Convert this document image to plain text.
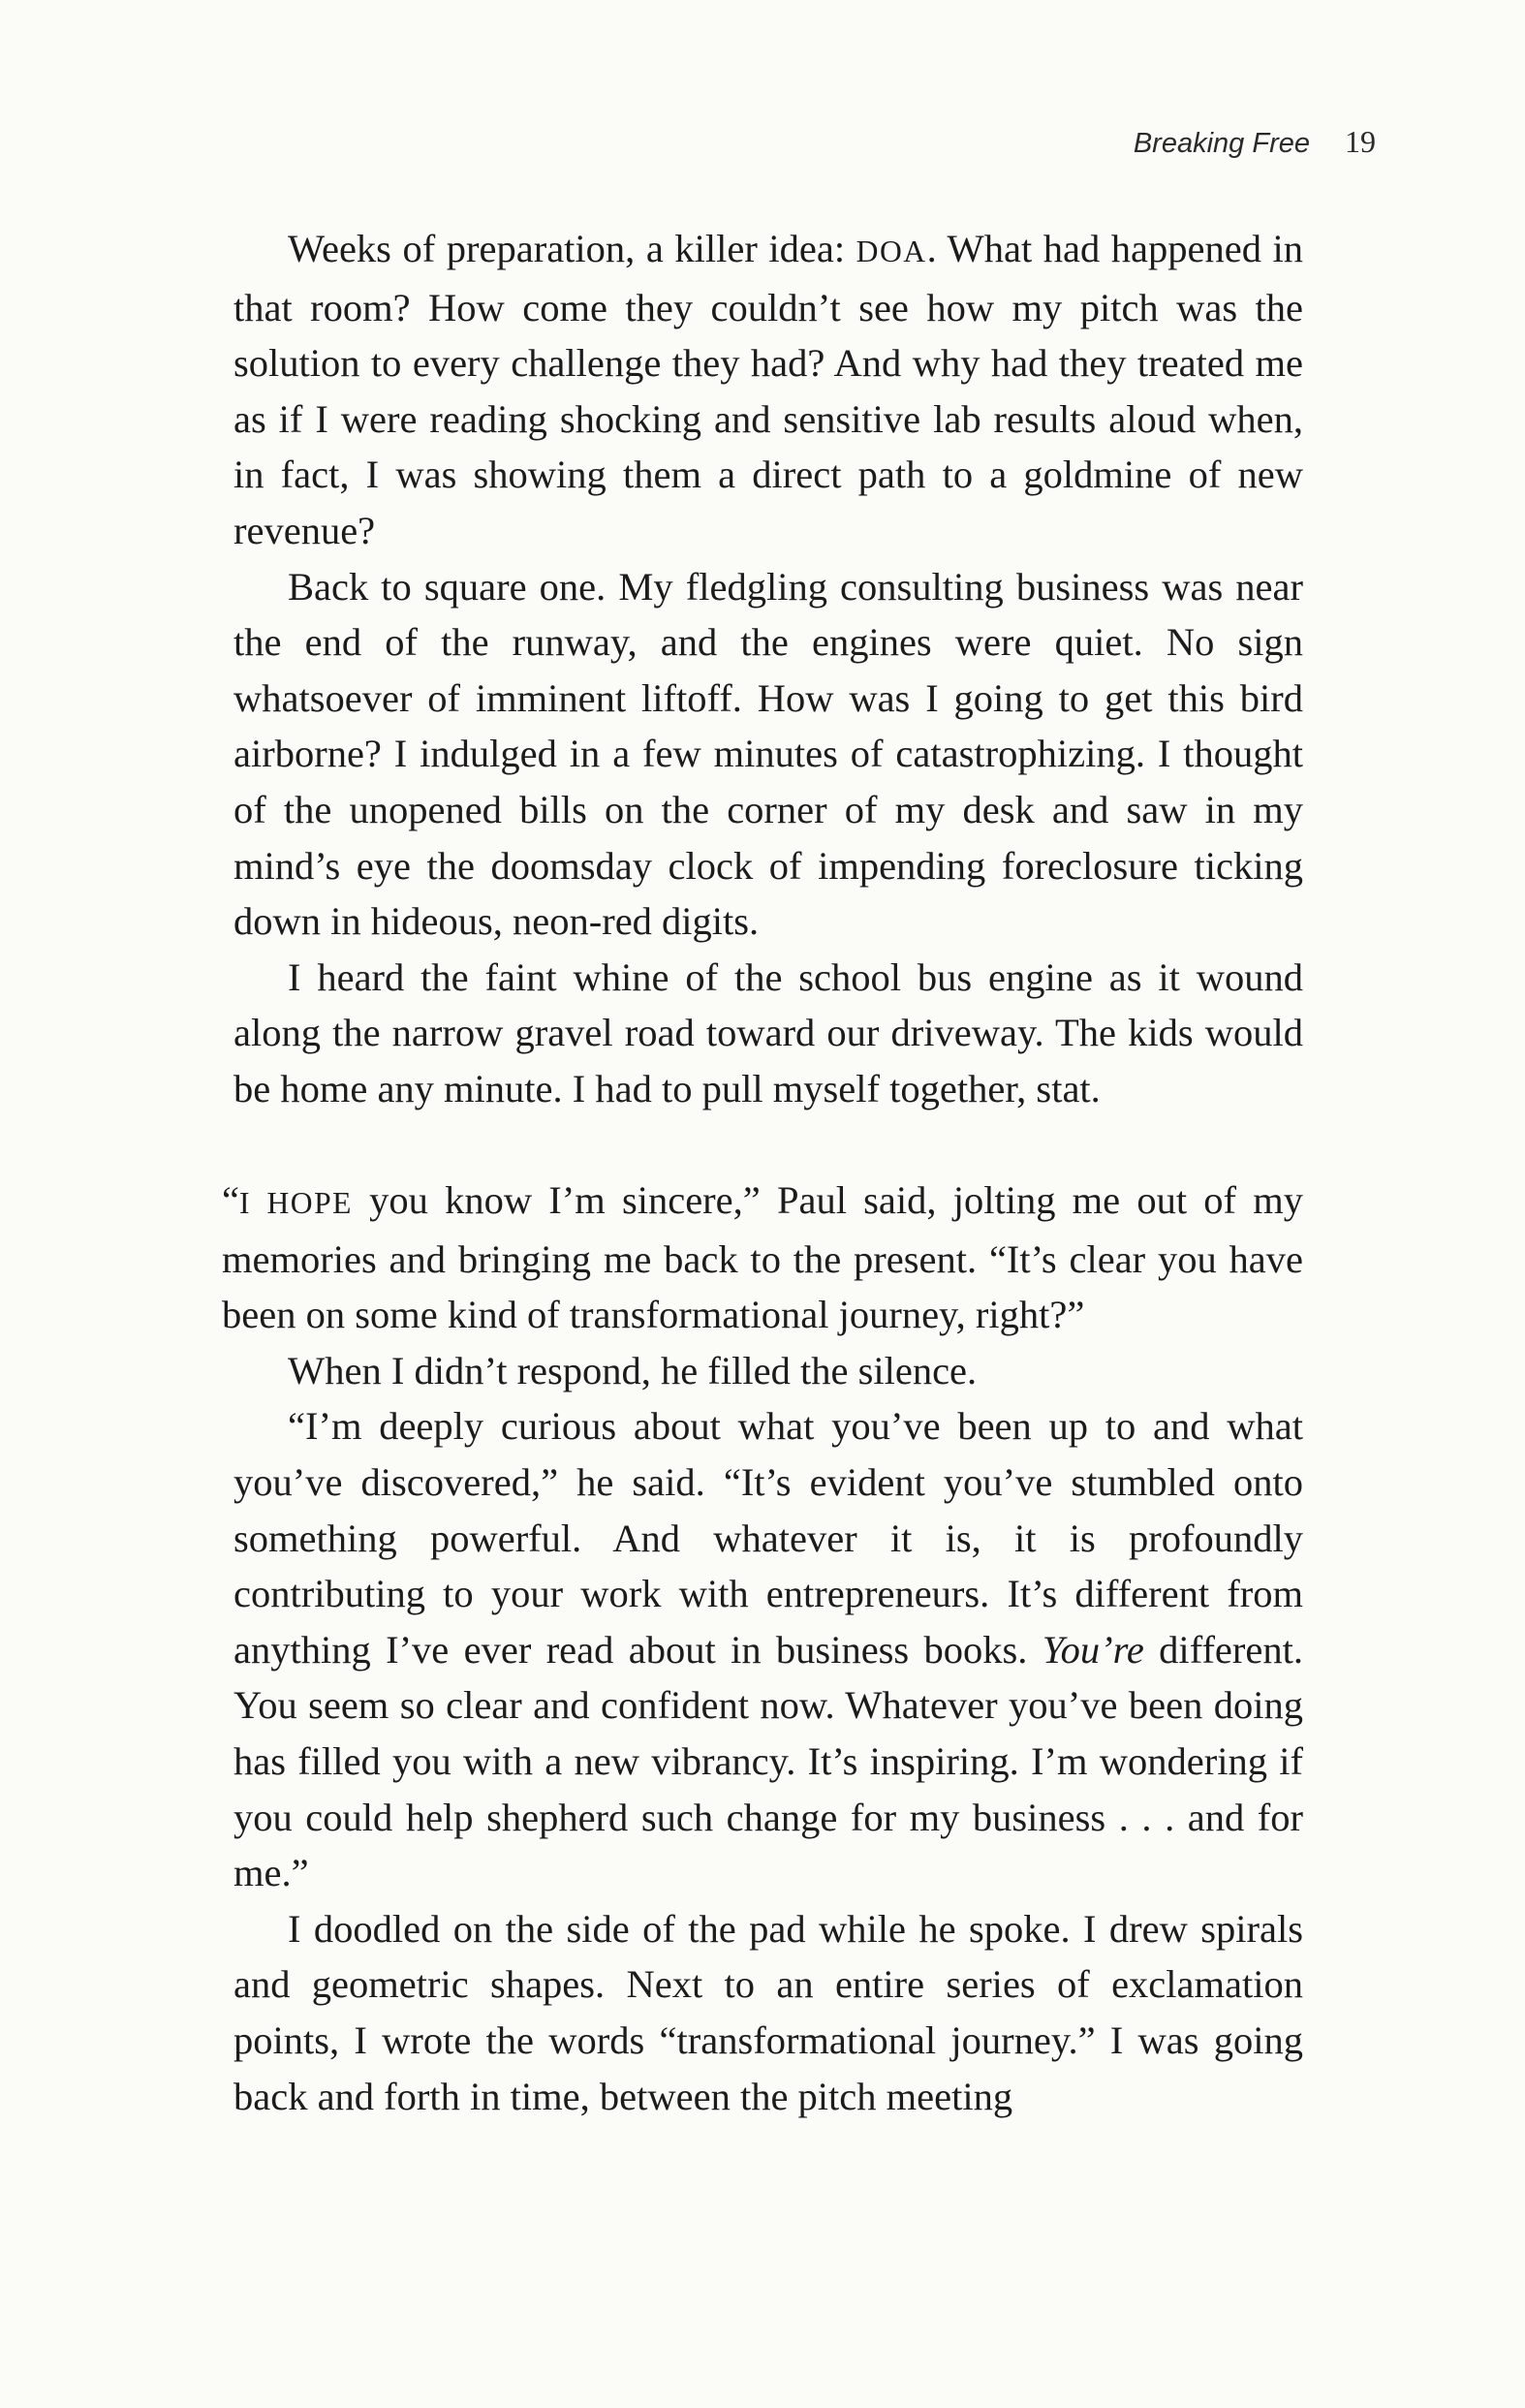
Breaking Free 19

Weeks of preparation, a killer idea: DOA. What had happened in that room? How come they couldn’t see how my pitch was the solution to every challenge they had? And why had they treated me as if I were reading shocking and sensitive lab results aloud when, in fact, I was showing them a direct path to a goldmine of new revenue?

Back to square one. My fledgling consulting business was near the end of the runway, and the engines were quiet. No sign whatsoever of imminent liftoff. How was I going to get this bird airborne? I indulged in a few minutes of catastrophizing. I thought of the unopened bills on the corner of my desk and saw in my mind’s eye the doomsday clock of impending foreclosure ticking down in hideous, neon-red digits.

I heard the faint whine of the school bus engine as it wound along the narrow gravel road toward our driveway. The kids would be home any minute. I had to pull myself together, stat.

“I HOPE you know I’m sincere,” Paul said, jolting me out of my memories and bringing me back to the present. “It’s clear you have been on some kind of transformational journey, right?”

When I didn’t respond, he filled the silence.

“I’m deeply curious about what you’ve been up to and what you’ve discovered,” he said. “It’s evident you’ve stumbled onto something powerful. And whatever it is, it is profoundly contributing to your work with entrepreneurs. It’s different from anything I’ve ever read about in business books. You’re different. You seem so clear and confident now. Whatever you’ve been doing has filled you with a new vibrancy. It’s inspiring. I’m wondering if you could help shepherd such change for my business . . . and for me.”

I doodled on the side of the pad while he spoke. I drew spirals and geometric shapes. Next to an entire series of exclamation points, I wrote the words “transformational journey.” I was going back and forth in time, between the pitch meeting
